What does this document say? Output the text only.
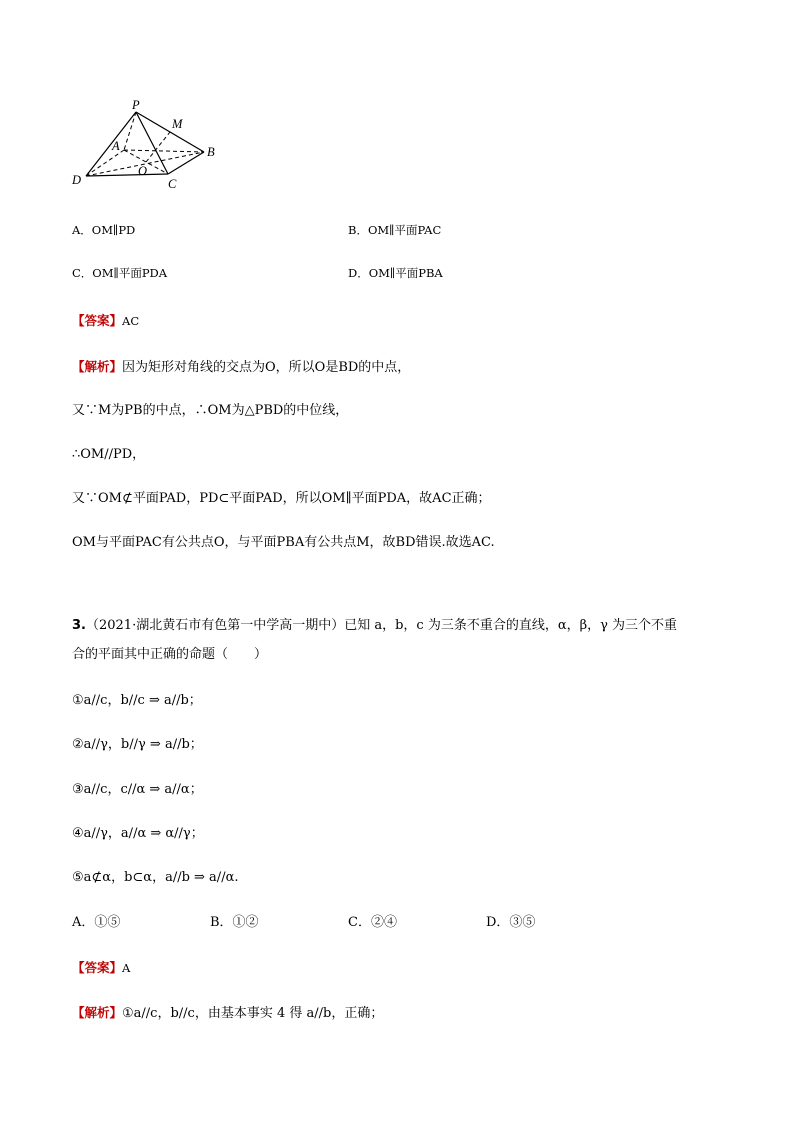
P
M
A	B
O
D	C
A．OM∥PD	B．OM∥平面PAC
C．OM∥平面PDA	D．OM∥平面PBA
【答案】AC
【解析】因为矩形对角线的交点为O，所以O是BD的中点，
又∵M为PB的中点，∴OM为△PBD的中位线，
∴OM//PD，
又∵OM⊄平面PAD，PD⊂平面PAD，所以OM∥平面PDA，故AC正确；
OM与平面PAC有公共点O，与平面PBA有公共点M，故BD错误.故选AC.
3.（2021·湖北黄石市有色第一中学高一期中）已知 a，b，c 为三条不重合的直线，α，β，γ 为三个不重
合的平面其中正确的命题（　　）
①a//c，b//c ⇒ a//b；
②a//γ，b//γ ⇒ a//b；
③a//c，c//α ⇒ a//α；
④a//γ，a//α ⇒ α//γ；
⑤a⊄α，b⊂α，a//b ⇒ a//α.
A．①⑤	B．①②	C．②④	D．③⑤
【答案】A
【解析】①a//c，b//c，由基本事实 4 得 a//b，正确；
